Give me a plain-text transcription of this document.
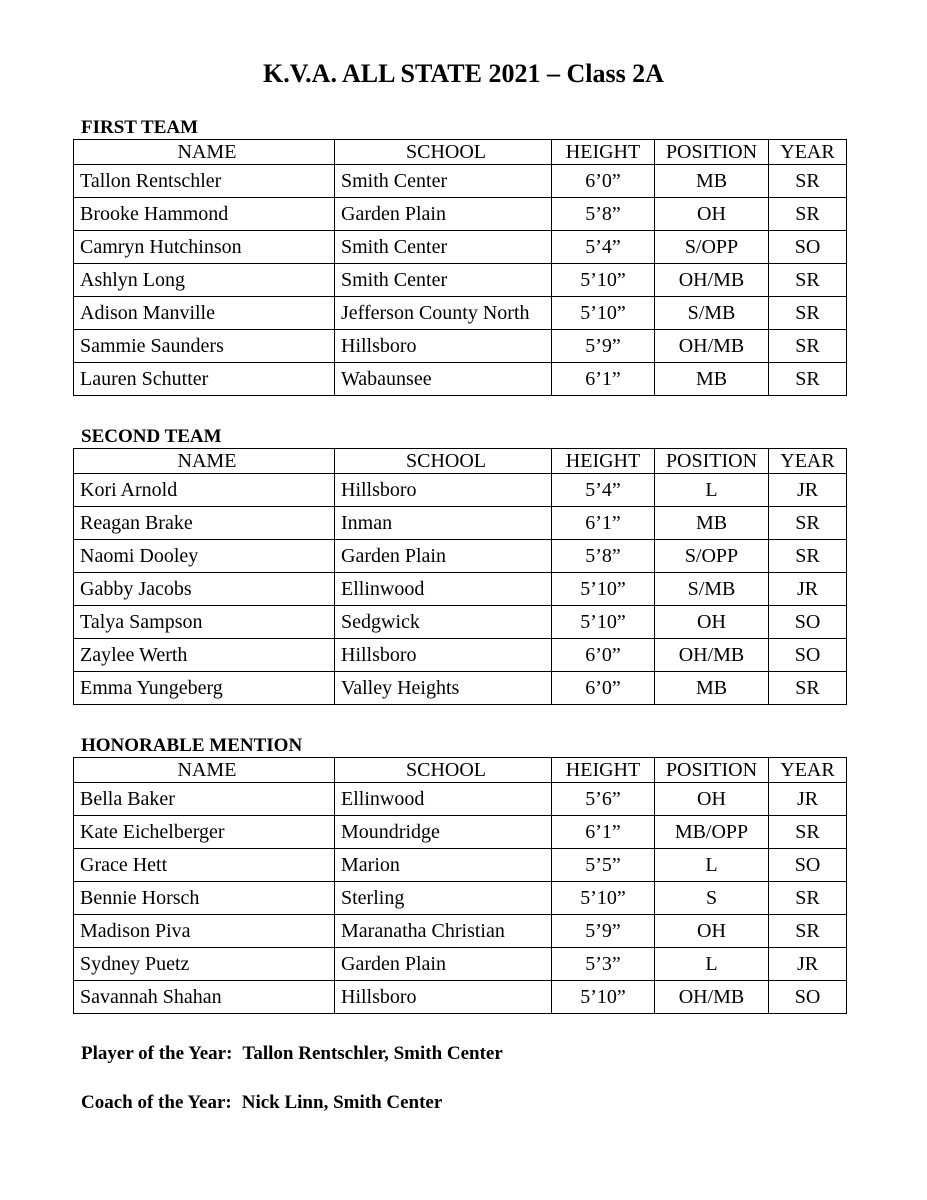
K.V.A. ALL STATE 2021 – Class 2A
FIRST TEAM
NAME	SCHOOL	HEIGHT	POSITION	YEAR
Tallon Rentschler	Smith Center	6’0”	MB	SR
Brooke Hammond	Garden Plain	5’8”	OH	SR
Camryn Hutchinson	Smith Center	5’4”	S/OPP	SO
Ashlyn Long	Smith Center	5’10”	OH/MB	SR
Adison Manville	Jefferson County North	5’10”	S/MB	SR
Sammie Saunders	Hillsboro	5’9”	OH/MB	SR
Lauren Schutter	Wabaunsee	6’1”	MB	SR
SECOND TEAM
NAME	SCHOOL	HEIGHT	POSITION	YEAR
Kori Arnold	Hillsboro	5’4”	L	JR
Reagan Brake	Inman	6’1”	MB	SR
Naomi Dooley	Garden Plain	5’8”	S/OPP	SR
Gabby Jacobs	Ellinwood	5’10”	S/MB	JR
Talya Sampson	Sedgwick	5’10”	OH	SO
Zaylee Werth	Hillsboro	6’0”	OH/MB	SO
Emma Yungeberg	Valley Heights	6’0”	MB	SR
HONORABLE MENTION
NAME	SCHOOL	HEIGHT	POSITION	YEAR
Bella Baker	Ellinwood	5’6”	OH	JR
Kate Eichelberger	Moundridge	6’1”	MB/OPP	SR
Grace Hett	Marion	5’5”	L	SO
Bennie Horsch	Sterling	5’10”	S	SR
Madison Piva	Maranatha Christian	5’9”	OH	SR
Sydney Puetz	Garden Plain	5’3”	L	JR
Savannah Shahan	Hillsboro	5’10”	OH/MB	SO

Player of the Year: Tallon Rentschler, Smith Center

Coach of the Year: Nick Linn, Smith Center
